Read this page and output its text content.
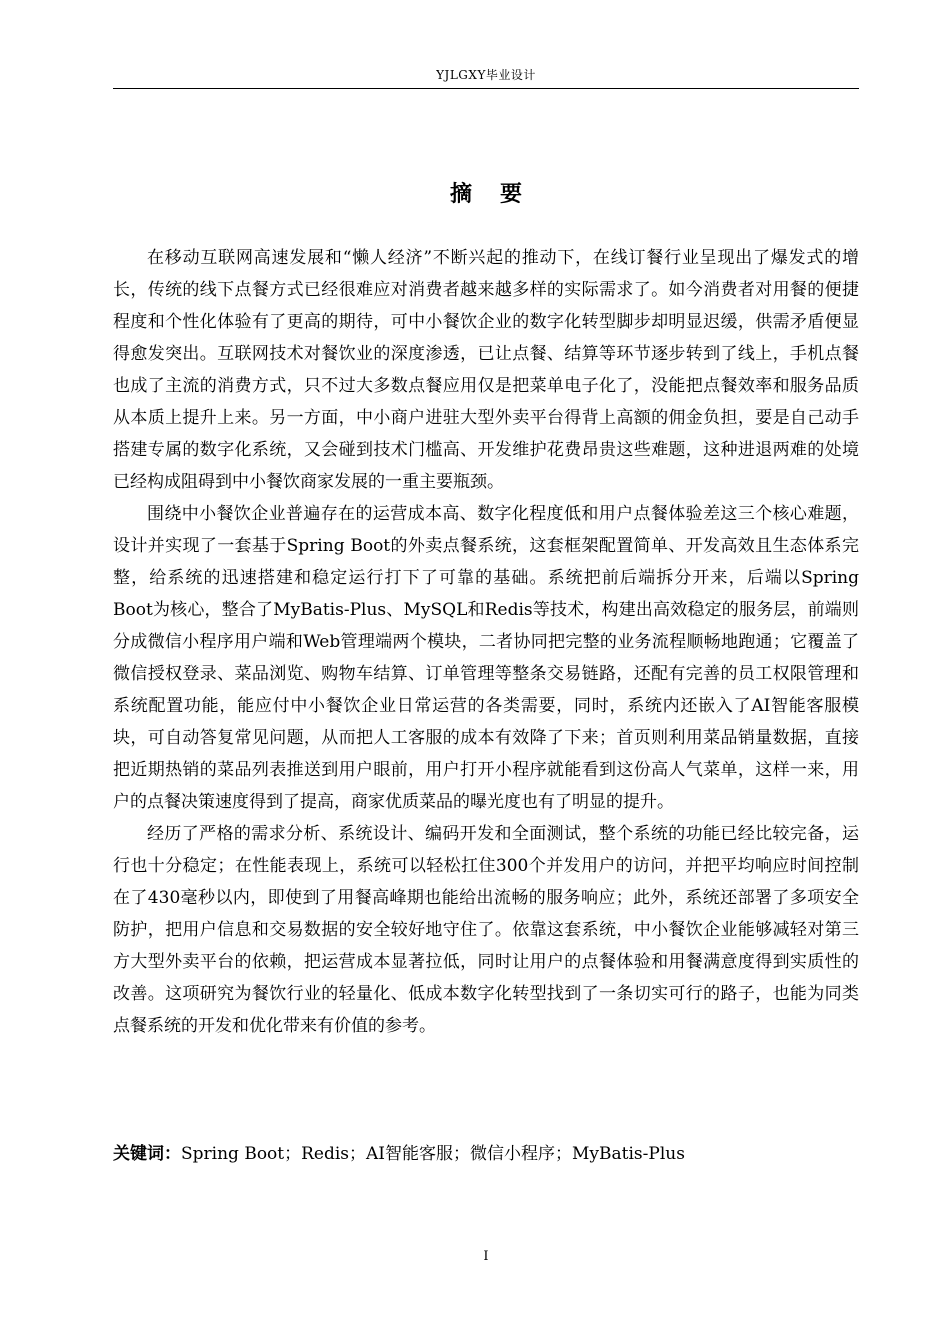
YJLGXY毕业设计
摘要

在移动互联网高速发展和“懒人经济”不断兴起的推动下，在线订餐行业呈现出了爆发式的增长，传统的线下点餐方式已经很难应对消费者越来越多样的实际需求了。如今消费者对用餐的便捷程度和个性化体验有了更高的期待，可中小餐饮企业的数字化转型脚步却明显迟缓，供需矛盾便显得愈发突出。互联网技术对餐饮业的深度渗透，已让点餐、结算等环节逐步转到了线上，手机点餐也成了主流的消费方式，只不过大多数点餐应用仅是把菜单电子化了，没能把点餐效率和服务品质从本质上提升上来。另一方面，中小商户进驻大型外卖平台得背上高额的佣金负担，要是自己动手搭建专属的数字化系统，又会碰到技术门槛高、开发维护花费昂贵这些难题，这种进退两难的处境已经构成阻碍到中小餐饮商家发展的一重主要瓶颈。

围绕中小餐饮企业普遍存在的运营成本高、数字化程度低和用户点餐体验差这三个核心难题，设计并实现了一套基于Spring Boot的外卖点餐系统，这套框架配置简单、开发高效且生态体系完整，给系统的迅速搭建和稳定运行打下了可靠的基础。系统把前后端拆分开来，后端以Spring Boot为核心，整合了MyBatis-Plus、MySQL和Redis等技术，构建出高效稳定的服务层，前端则分成微信小程序用户端和Web管理端两个模块，二者协同把完整的业务流程顺畅地跑通；它覆盖了微信授权登录、菜品浏览、购物车结算、订单管理等整条交易链路，还配有完善的员工权限管理和系统配置功能，能应付中小餐饮企业日常运营的各类需要，同时，系统内还嵌入了AI智能客服模块，可自动答复常见问题，从而把人工客服的成本有效降了下来；首页则利用菜品销量数据，直接把近期热销的菜品列表推送到用户眼前，用户打开小程序就能看到这份高人气菜单，这样一来，用户的点餐决策速度得到了提高，商家优质菜品的曝光度也有了明显的提升。

经历了严格的需求分析、系统设计、编码开发和全面测试，整个系统的功能已经比较完备，运行也十分稳定；在性能表现上，系统可以轻松扛住300个并发用户的访问，并把平均响应时间控制在了430毫秒以内，即使到了用餐高峰期也能给出流畅的服务响应；此外，系统还部署了多项安全防护，把用户信息和交易数据的安全较好地守住了。依靠这套系统，中小餐饮企业能够减轻对第三方大型外卖平台的依赖，把运营成本显著拉低，同时让用户的点餐体验和用餐满意度得到实质性的改善。这项研究为餐饮行业的轻量化、低成本数字化转型找到了一条切实可行的路子，也能为同类点餐系统的开发和优化带来有价值的参考。

关键词：Spring Boot；Redis；AI智能客服；微信小程序；MyBatis-Plus
I
